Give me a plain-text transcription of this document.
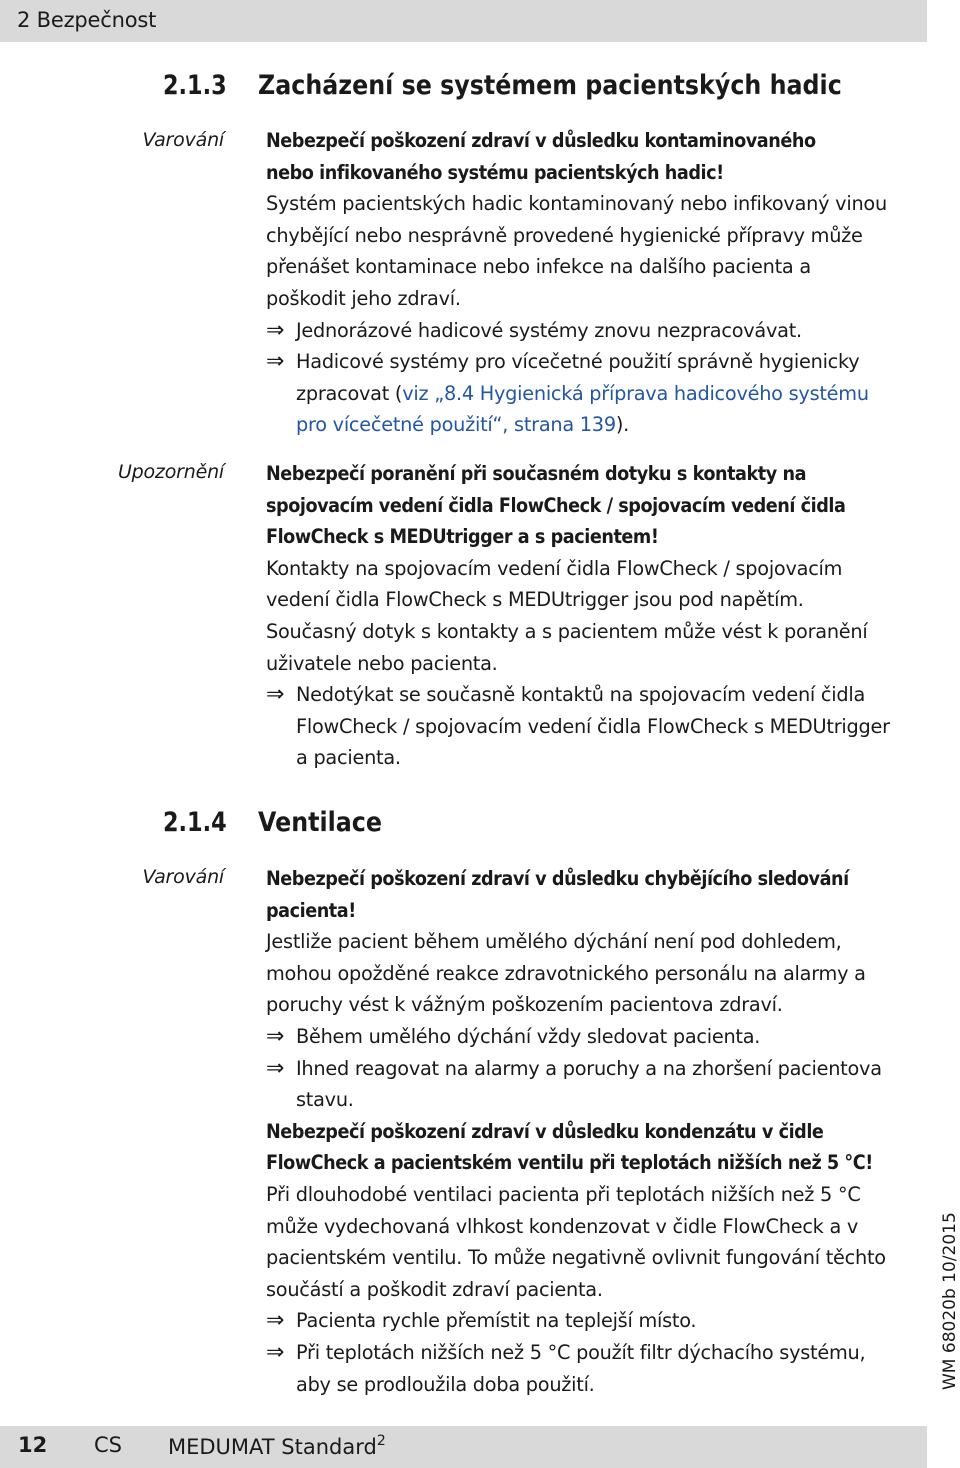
2 Bezpečnost
2.1.3 Zacházení se systémem pacientských hadic
Varování Nebezpečí poškození zdraví v důsledku kontaminovaného
nebo infikovaného systému pacientských hadic!
Systém pacientských hadic kontaminovaný nebo infikovaný vinou
chybějící nebo nesprávně provedené hygienické přípravy může
přenášet kontaminace nebo infekce na dalšího pacienta a
poškodit jeho zdraví.
⇒ Jednorázové hadicové systémy znovu nezpracovávat.
⇒ Hadicové systémy pro vícečetné použití správně hygienicky
zpracovat (viz „8.4 Hygienická příprava hadicového systému
pro vícečetné použití“, strana 139).
Upozornění Nebezpečí poranění při současném dotyku s kontakty na
spojovacím vedení čidla FlowCheck / spojovacím vedení čidla
FlowCheck s MEDUtrigger a s pacientem!
Kontakty na spojovacím vedení čidla FlowCheck / spojovacím
vedení čidla FlowCheck s MEDUtrigger jsou pod napětím.
Současný dotyk s kontakty a s pacientem může vést k poranění
uživatele nebo pacienta.
⇒ Nedotýkat se současně kontaktů na spojovacím vedení čidla
FlowCheck / spojovacím vedení čidla FlowCheck s MEDUtrigger
a pacienta.
2.1.4 Ventilace
Varování Nebezpečí poškození zdraví v důsledku chybějícího sledování
pacienta!
Jestliže pacient během umělého dýchání není pod dohledem,
mohou opožděné reakce zdravotnického personálu na alarmy a
poruchy vést k vážným poškozením pacientova zdraví.
⇒ Během umělého dýchání vždy sledovat pacienta.
⇒ Ihned reagovat na alarmy a poruchy a na zhoršení pacientova
stavu.
Nebezpečí poškození zdraví v důsledku kondenzátu v čidle
FlowCheck a pacientském ventilu při teplotách nižších než 5 °C!
Při dlouhodobé ventilaci pacienta při teplotách nižších než 5 °C
může vydechovaná vlhkost kondenzovat v čidle FlowCheck a v
pacientském ventilu. To může negativně ovlivnit fungování těchto
součástí a poškodit zdraví pacienta.
⇒ Pacienta rychle přemístit na teplejší místo.
⇒ Při teplotách nižších než 5 °C použít filtr dýchacího systému,
aby se prodloužila doba použití.
12 CS MEDUMAT Standard$^2$
WM 68020b 10/2015
